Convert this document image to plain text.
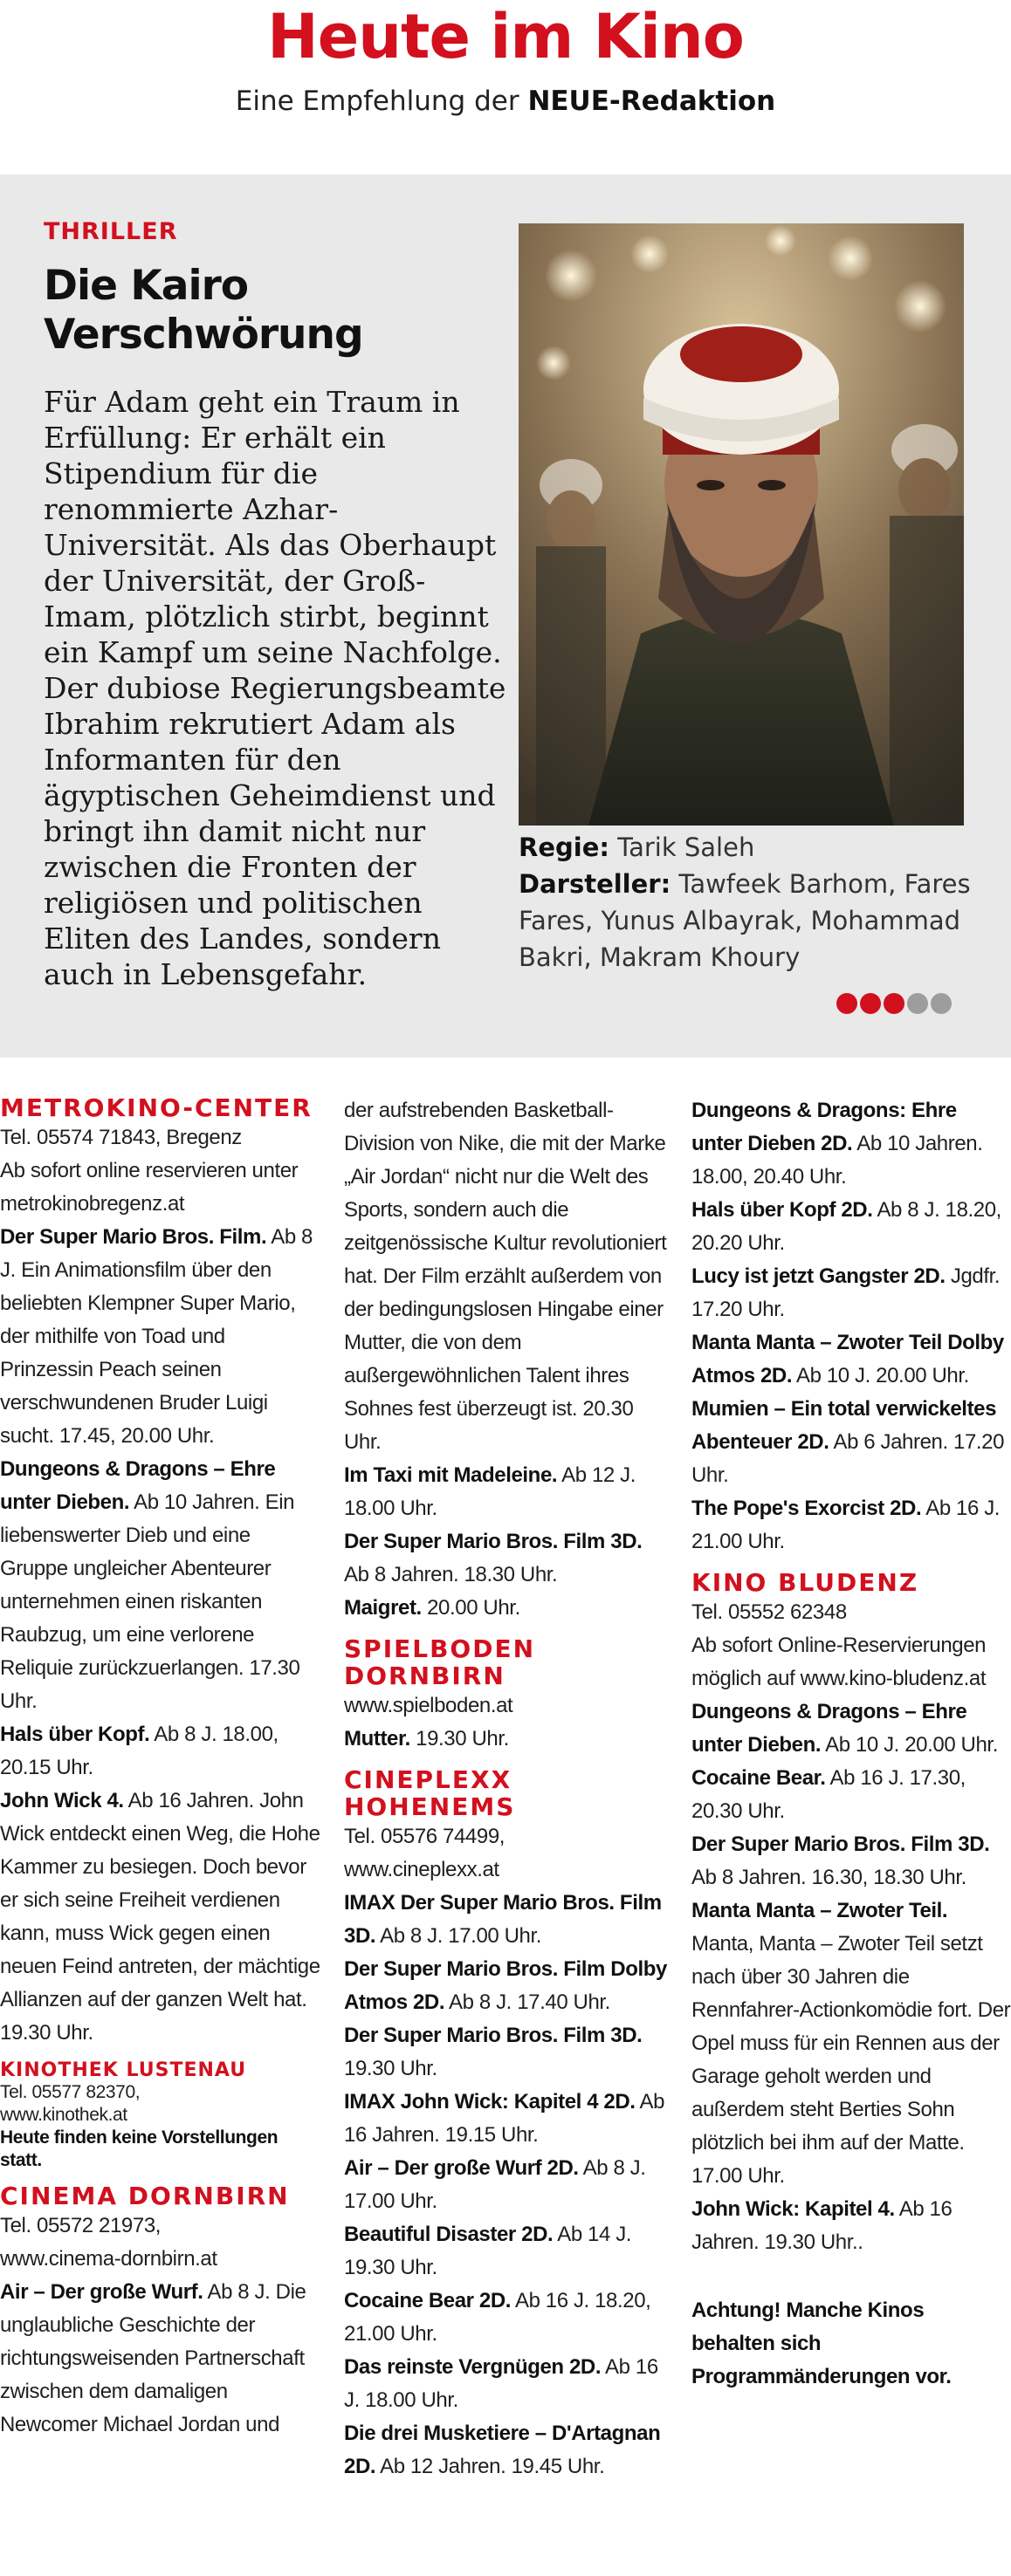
Heute im Kino
Eine Empfehlung der NEUE-Redaktion
THRILLER
Die Kairo Verschwörung
Für Adam geht ein Traum in Erfüllung: Er erhält ein Stipendium für die renommierte Azhar-Universität. Als das Oberhaupt der Universität, der Groß-Imam, plötzlich stirbt, beginnt ein Kampf um seine Nachfolge. Der dubiose Regierungsbeamte Ibrahim rekrutiert Adam als Informanten für den ägyptischen Geheimdienst und bringt ihn damit nicht nur zwischen die Fronten der religiösen und politischen Eliten des Landes, sondern auch in Lebensgefahr.
Regie: Tarik Saleh
Darsteller: Tawfeek Barhom, Fares Fares, Yunus Albayrak, Mohammad Bakri, Makram Khoury
METROKINO-CENTER
Tel. 05574 71843, Bregenz
Ab sofort online reservieren unter metrokinobregenz.at
Der Super Mario Bros. Film. Ab 8 J. Ein Animationsfilm über den beliebten Klempner Super Mario, der mithilfe von Toad und Prinzessin Peach seinen verschwundenen Bruder Luigi sucht. 17.45, 20.00 Uhr.
Dungeons & Dragons – Ehre unter Dieben. Ab 10 Jahren. Ein liebenswerter Dieb und eine Gruppe ungleicher Abenteurer unternehmen einen riskanten Raubzug, um eine verlorene Reliquie zurückzuerlangen. 17.30 Uhr.
Hals über Kopf. Ab 8 J. 18.00, 20.15 Uhr.
John Wick 4. Ab 16 Jahren. John Wick entdeckt einen Weg, die Hohe Kammer zu besiegen. Doch bevor er sich seine Freiheit verdienen kann, muss Wick gegen einen neuen Feind antreten, der mächtige Allianzen auf der ganzen Welt hat. 19.30 Uhr.
KINOTHEK LUSTENAU
Tel. 05577 82370,
www.kinothek.at
Heute finden keine Vorstellungen statt.
CINEMA DORNBIRN
Tel. 05572 21973,
www.cinema-dornbirn.at
Air – Der große Wurf. Ab 8 J. Die unglaubliche Geschichte der richtungsweisenden Partnerschaft zwischen dem damaligen Newcomer Michael Jordan und
der aufstrebenden Basketball-Division von Nike, die mit der Marke „Air Jordan“ nicht nur die Welt des Sports, sondern auch die zeitgenössische Kultur revolutioniert hat. Der Film erzählt außerdem von der bedingungslosen Hingabe einer Mutter, die von dem außergewöhnlichen Talent ihres Sohnes fest überzeugt ist. 20.30 Uhr.
Im Taxi mit Madeleine. Ab 12 J. 18.00 Uhr.
Der Super Mario Bros. Film 3D. Ab 8 Jahren. 18.30 Uhr.
Maigret. 20.00 Uhr.
SPIELBODEN DORNBIRN
www.spielboden.at
Mutter. 19.30 Uhr.
CINEPLEXX HOHENEMS
Tel. 05576 74499,
www.cineplexx.at
IMAX Der Super Mario Bros. Film 3D. Ab 8 J. 17.00 Uhr.
Der Super Mario Bros. Film Dolby Atmos 2D. Ab 8 J. 17.40 Uhr.
Der Super Mario Bros. Film 3D. 19.30 Uhr.
IMAX John Wick: Kapitel 4 2D. Ab 16 Jahren. 19.15 Uhr.
Air – Der große Wurf 2D. Ab 8 J. 17.00 Uhr.
Beautiful Disaster 2D. Ab 14 J. 19.30 Uhr.
Cocaine Bear 2D. Ab 16 J. 18.20, 21.00 Uhr.
Das reinste Vergnügen 2D. Ab 16 J. 18.00 Uhr.
Die drei Musketiere – D'Artagnan 2D. Ab 12 Jahren. 19.45 Uhr.
Dungeons & Dragons: Ehre unter Dieben 2D. Ab 10 Jahren. 18.00, 20.40 Uhr.
Hals über Kopf 2D. Ab 8 J. 18.20, 20.20 Uhr.
Lucy ist jetzt Gangster 2D. Jgdfr. 17.20 Uhr.
Manta Manta – Zwoter Teil Dolby Atmos 2D. Ab 10 J. 20.00 Uhr.
Mumien – Ein total verwickeltes Abenteuer 2D. Ab 6 Jahren. 17.20 Uhr.
The Pope's Exorcist 2D. Ab 16 J. 21.00 Uhr.
KINO BLUDENZ
Tel. 05552 62348
Ab sofort Online-Reservierungen möglich auf www.kino-bludenz.at
Dungeons & Dragons – Ehre unter Dieben. Ab 10 J. 20.00 Uhr.
Cocaine Bear. Ab 16 J. 17.30, 20.30 Uhr.
Der Super Mario Bros. Film 3D. Ab 8 Jahren. 16.30, 18.30 Uhr.
Manta Manta – Zwoter Teil. Manta, Manta – Zwoter Teil setzt nach über 30 Jahren die Rennfahrer-Actionkomödie fort. Der Opel muss für ein Rennen aus der Garage geholt werden und außerdem steht Berties Sohn plötzlich bei ihm auf der Matte. 17.00 Uhr.
John Wick: Kapitel 4. Ab 16 Jahren. 19.30 Uhr..
Achtung! Manche Kinos behalten sich Programmänderungen vor.
